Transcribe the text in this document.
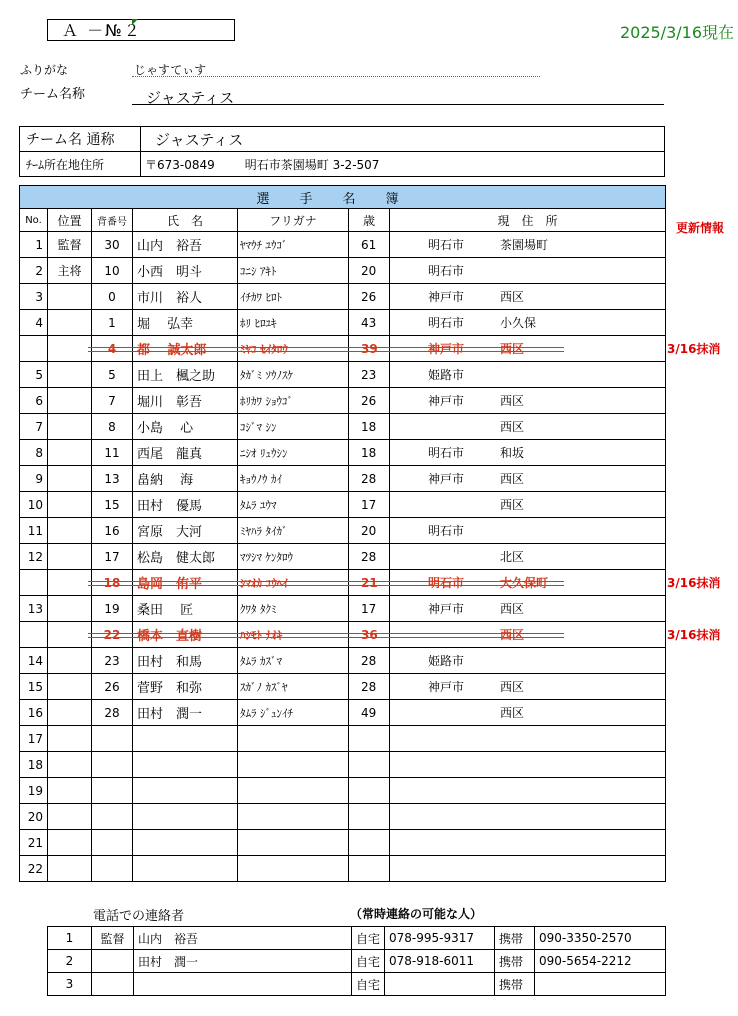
Ａ －№２	2025/3/16現在
ふりがな	じゃすてぃす
チーム名称	ジャスティス
チーム名 通称	ジャスティス
ﾁｰﾑ所在地住所	〒673-0849 明石市茶園場町 3-2-507
選手名簿						
No.	位置	背番号	氏　名	フリガナ	歳	現　住　所
1	監督	30	山内　裕吾	ﾔﾏｳﾁ ﾕｳｺﾞ	61	明石市 茶園場町
2	主将	10	小西　明斗	ｺﾆｼ ｱｷﾄ	20	明石市
3		0	市川　裕人	ｲﾁｶﾜ ﾋﾛﾄ	26	神戸市 西区
4		1	堀　 弘幸	ﾎﾘ ﾋﾛﾕｷ	43	明石市 小久保
		4	都　 誠太郎	ﾐﾔｺ ｾｲﾀﾛｳ	39	神戸市 西区
5		5	田上　楓之助	ﾀｶﾞﾐ ｿｳﾉｽｹ	23	姫路市
6		7	堀川　彰吾	ﾎﾘｶﾜ ｼｮｳｺﾞ	26	神戸市 西区
7		8	小島　 心	ｺｼﾞﾏ ｼﾝ	18	西区
8		11	西尾　龍真	ﾆｼｵ ﾘｭｳｼﾝ	18	明石市 和坂
9		13	畠納　 海	ｷｮｳﾉｳ ｶｲ	28	神戸市 西区
10		15	田村　優馬	ﾀﾑﾗ ﾕｳﾏ	17	西区
11		16	宮原　大河	ﾐﾔﾊﾗ ﾀｲｶﾞ	20	明石市
12		17	松島　健太郎	ﾏﾂｼﾏ ｹﾝﾀﾛｳ	28	北区
		18	島岡　侑平	ｼﾏｵｶ ﾕｳﾍｲ	21	明石市 大久保町
13		19	桑田　 匠	ｸﾜﾀ ﾀｸﾐ	17	神戸市 西区
		22	橋本　直樹	ﾊｼﾓﾄ ﾅｵｷ	36	西区
14		23	田村　和馬	ﾀﾑﾗ ｶｽﾞﾏ	28	姫路市
15		26	菅野　和弥	ｽｶﾞﾉ ｶｽﾞﾔ	28	神戸市 西区
16		28	田村　潤一	ﾀﾑﾗ ｼﾞｭﾝｲﾁ	49	西区
17						
18						
19						
20						
21						
22						
更新情報
3/16抹消
3/16抹消
3/16抹消
電話での連絡者	（常時連絡の可能な人）
1	監督	山内　裕吾	自宅	078-995-9317	携帯	090-3350-2570
2		田村　潤一	自宅	078-918-6011	携帯	090-5654-2212
3			自宅		携帯	
